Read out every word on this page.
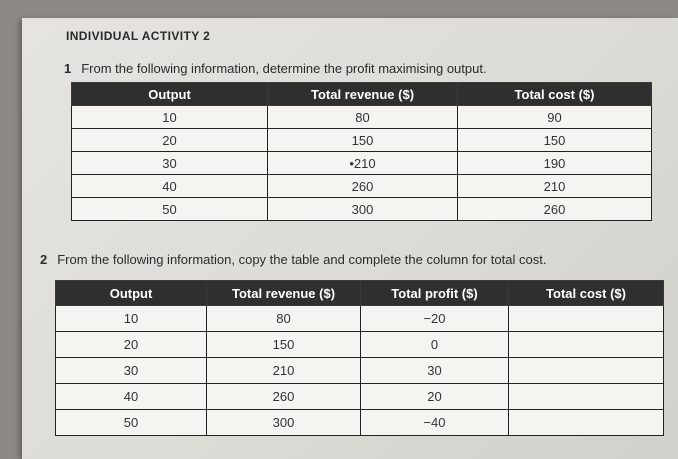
INDIVIDUAL ACTIVITY 2
1 From the following information, determine the profit maximising output.
Output	Total revenue ($)	Total cost ($)
10	80	90
20	150	150
30	•210	190
40	260	210
50	300	260
2 From the following information, copy the table and complete the column for total cost.
Output	Total revenue ($)	Total profit ($)	Total cost ($)
10	80	−20	
20	150	0	
30	210	30	
40	260	20	
50	300	−40	
